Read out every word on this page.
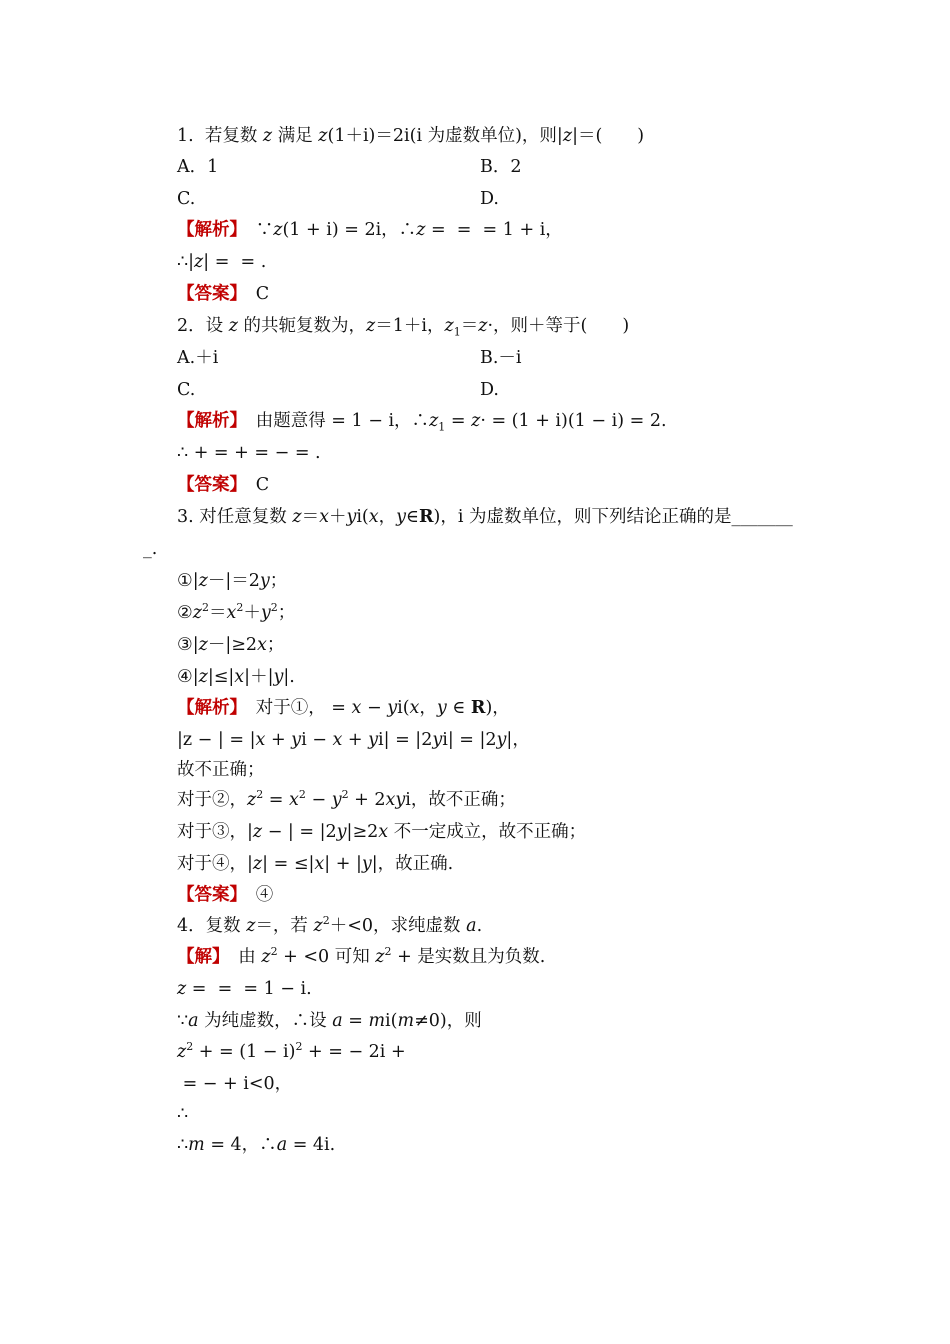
1.  若复数 z 满足 z(1＋i)＝2i(i 为虚数单位)，则|z|＝(　　)
A．1	B．2
C.	D.
【解析】　∵z(1 + i) = 2i，∴z =  =  = 1 + i，
∴|z| =  = .
【答案】　C
2．设 z 的共轭复数为，z＝1＋i，$z_1=z\cdot$，则＋等于(　　)
A.＋i	B.－i
C.	D.
【解析】　由题意得 = 1 − i，$\therefore z_1 = z\cdot = (1 + i)(1 - i) = 2$.
∴ + = + = − = .
【答案】　C
3. 对任意复数 z＝x＋yi(x，y∈R)，i 为虚数单位，则下列结论正确的是_______
_.
①|z－|＝2y；
$②z^2=x^2+y^2$；
③|z－|≥2x；
④|z|≤|x|＋|y|.
【解析】　对于①， = x − yi(x，y ∈ R)，
|z − | = |x + yi − x + yi| = |2yi| = |2y|，
故不正确；
对于②，$z^2 = x^2 - y^2 + 2xyi$，故不正确；
对于③，|z − | = |2y|≥2x 不一定成立，故不正确；
对于④，|z| = ≤|x| + |y|，故正确.
【答案】　④
4．复数 z＝，若 $z^2+<0$，求纯虚数 a.
【解】　由 $z^2 + <0$ 可知 $z^2$ + 是实数且为负数.
z =  =  = 1 − i.
∵a 为纯虚数，∴设 a = mi(m≠0)，则
$z^2$ + = $(1 - i)^2$ + = − 2i +
= − + i<0，
∴
∴m = 4，∴a = 4i.
